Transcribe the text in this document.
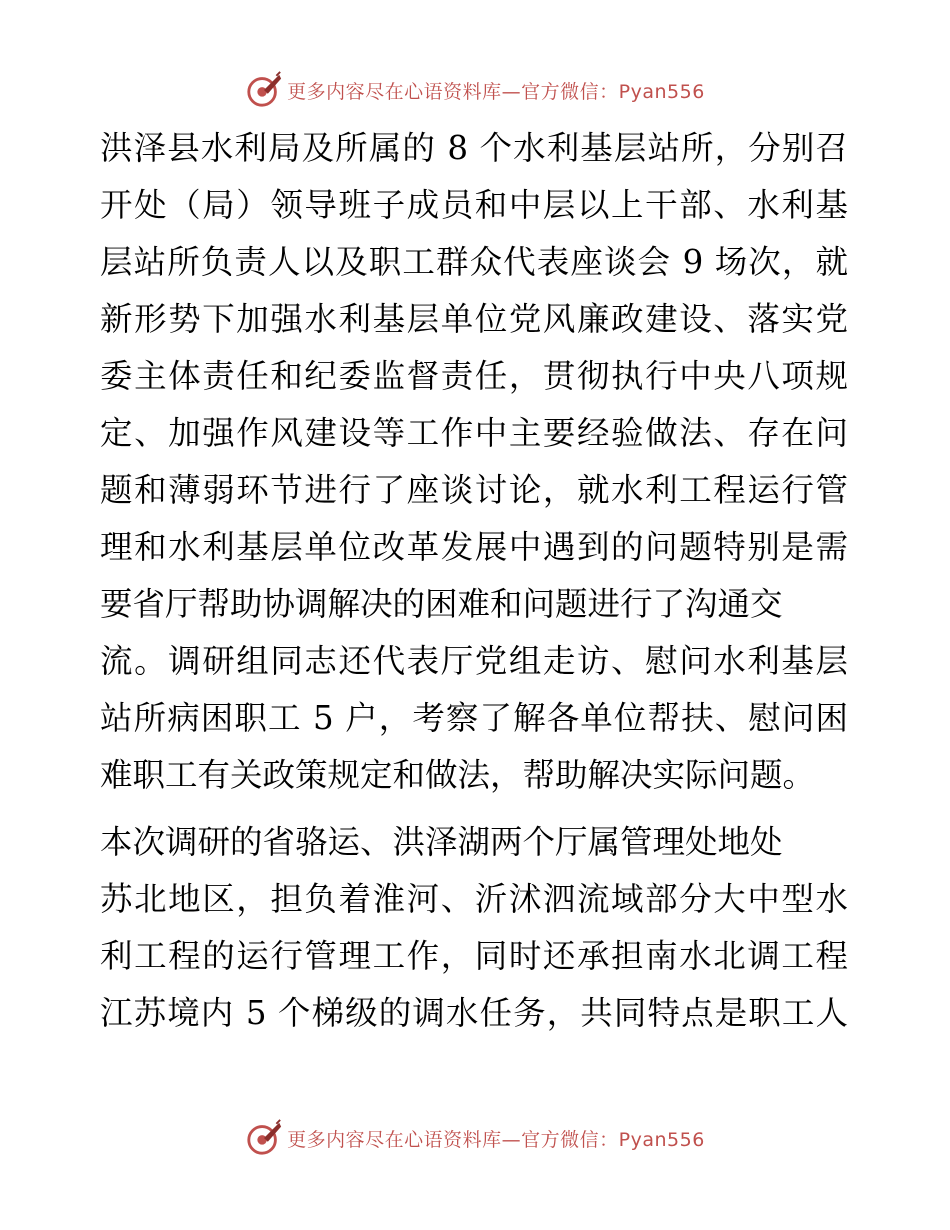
更多内容尽在心语资料库—官方微信：Pyan556
洪泽县水利局及所属的 8 个水利基层站所，分别召
开处（局）领导班子成员和中层以上干部、水利基
层站所负责人以及职工群众代表座谈会 9 场次，就
新形势下加强水利基层单位党风廉政建设、落实党
委主体责任和纪委监督责任，贯彻执行中央八项规
定、加强作风建设等工作中主要经验做法、存在问
题和薄弱环节进行了座谈讨论，就水利工程运行管
理和水利基层单位改革发展中遇到的问题特别是需
要省厅帮助协调解决的困难和问题进行了沟通交
流。调研组同志还代表厅党组走访、慰问水利基层
站所病困职工 5 户，考察了解各单位帮扶、慰问困
难职工有关政策规定和做法，帮助解决实际问题。
本次调研的省骆运、洪泽湖两个厅属管理处地处
苏北地区，担负着淮河、沂沭泗流域部分大中型水
利工程的运行管理工作，同时还承担南水北调工程
江苏境内 5 个梯级的调水任务，共同特点是职工人
更多内容尽在心语资料库—官方微信：Pyan556
